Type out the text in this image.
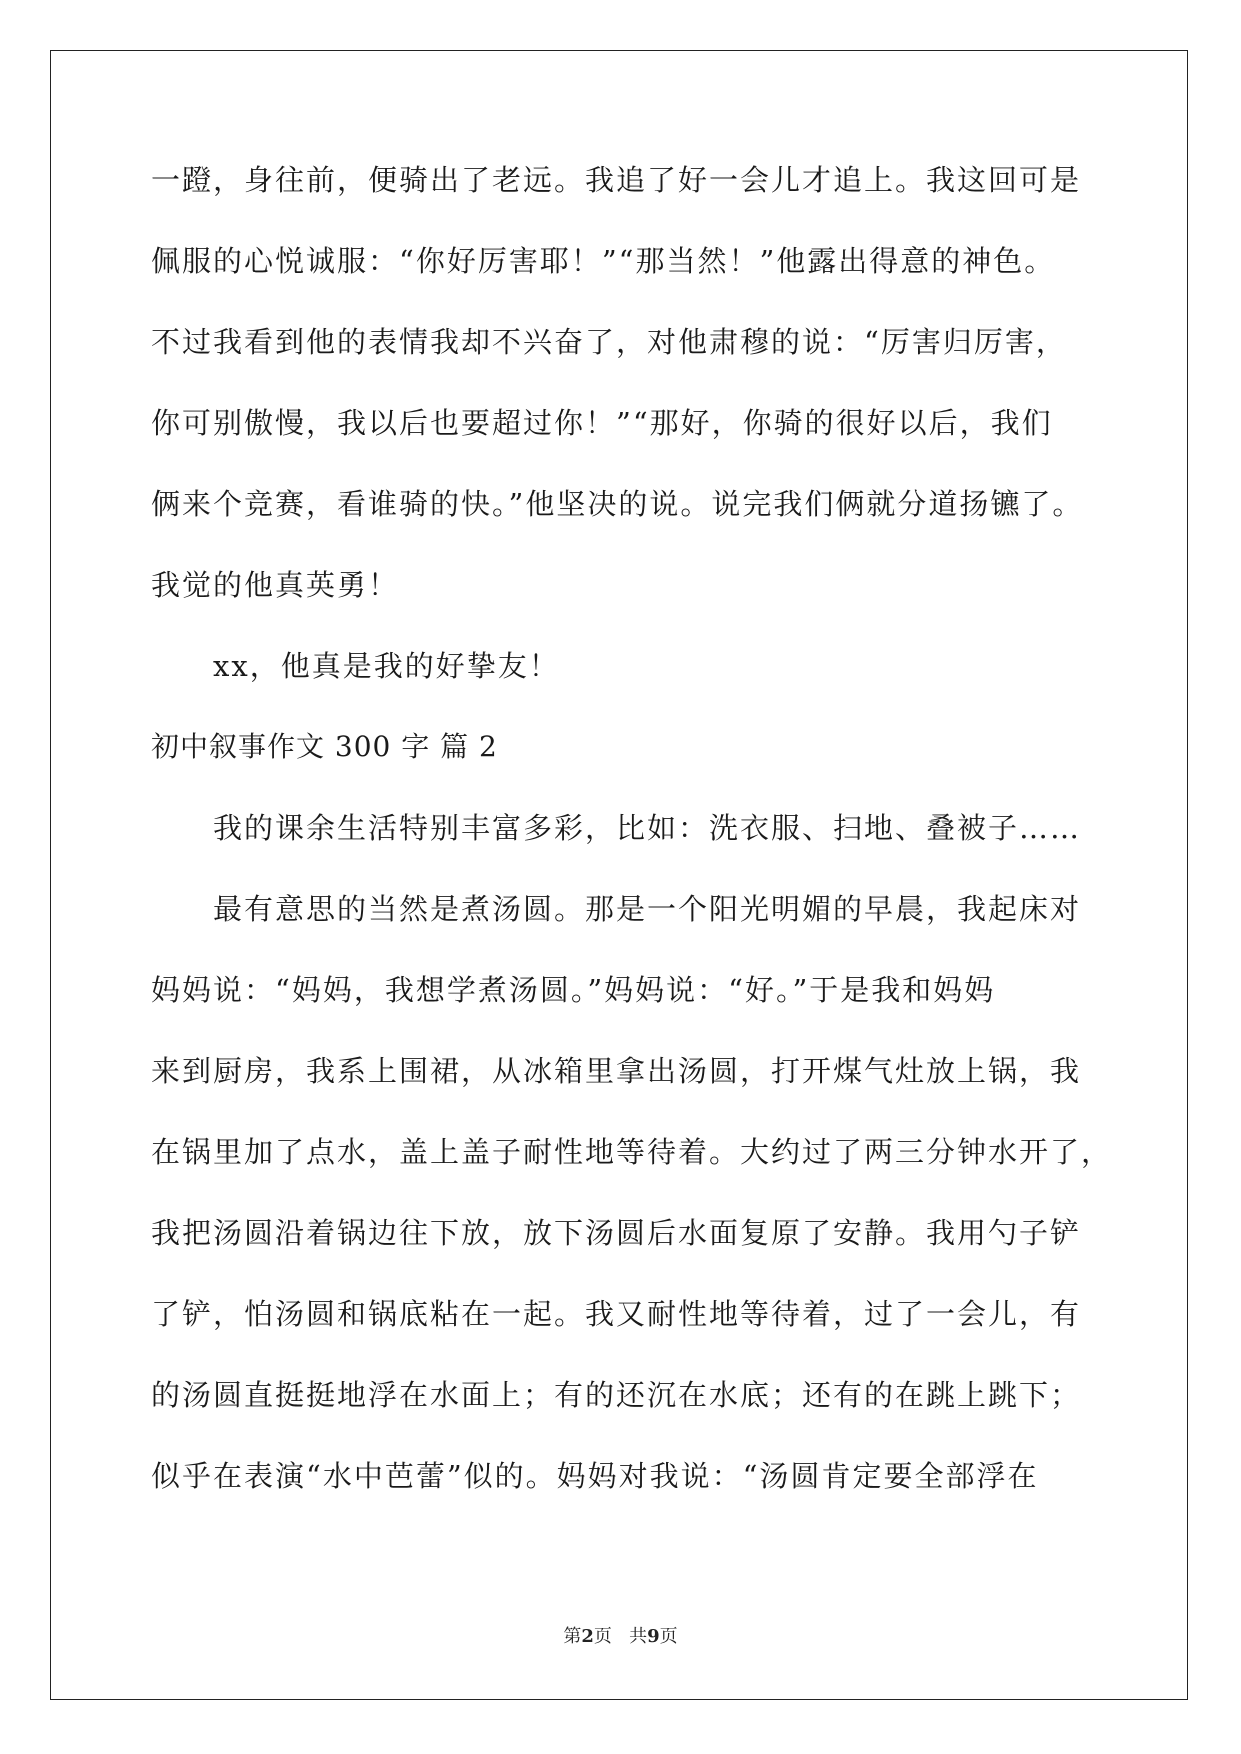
一蹬，身往前，便骑出了老远。我追了好一会儿才追上。我这回可是
佩服的心悦诚服：“你好厉害耶！”“那当然！”他露出得意的神色。
不过我看到他的表情我却不兴奋了，对他肃穆的说：“厉害归厉害，
你可别傲慢，我以后也要超过你！”“那好，你骑的很好以后，我们
俩来个竞赛，看谁骑的快。”他坚决的说。说完我们俩就分道扬镳了。
我觉的他真英勇！
xx，他真是我的好挚友！
初中叙事作文 300 字 篇 2
我的课余生活特别丰富多彩，比如：洗衣服、扫地、叠被子……
最有意思的当然是煮汤圆。那是一个阳光明媚的早晨，我起床对
妈妈说：“妈妈，我想学煮汤圆。”妈妈说：“好。”于是我和妈妈
来到厨房，我系上围裙，从冰箱里拿出汤圆，打开煤气灶放上锅，我
在锅里加了点水，盖上盖子耐性地等待着。大约过了两三分钟水开了，
我把汤圆沿着锅边往下放，放下汤圆后水面复原了安静。我用勺子铲
了铲，怕汤圆和锅底粘在一起。我又耐性地等待着，过了一会儿，有
的汤圆直挺挺地浮在水面上；有的还沉在水底；还有的在跳上跳下；
似乎在表演“水中芭蕾”似的。妈妈对我说：“汤圆肯定要全部浮在
第2页   共9页
